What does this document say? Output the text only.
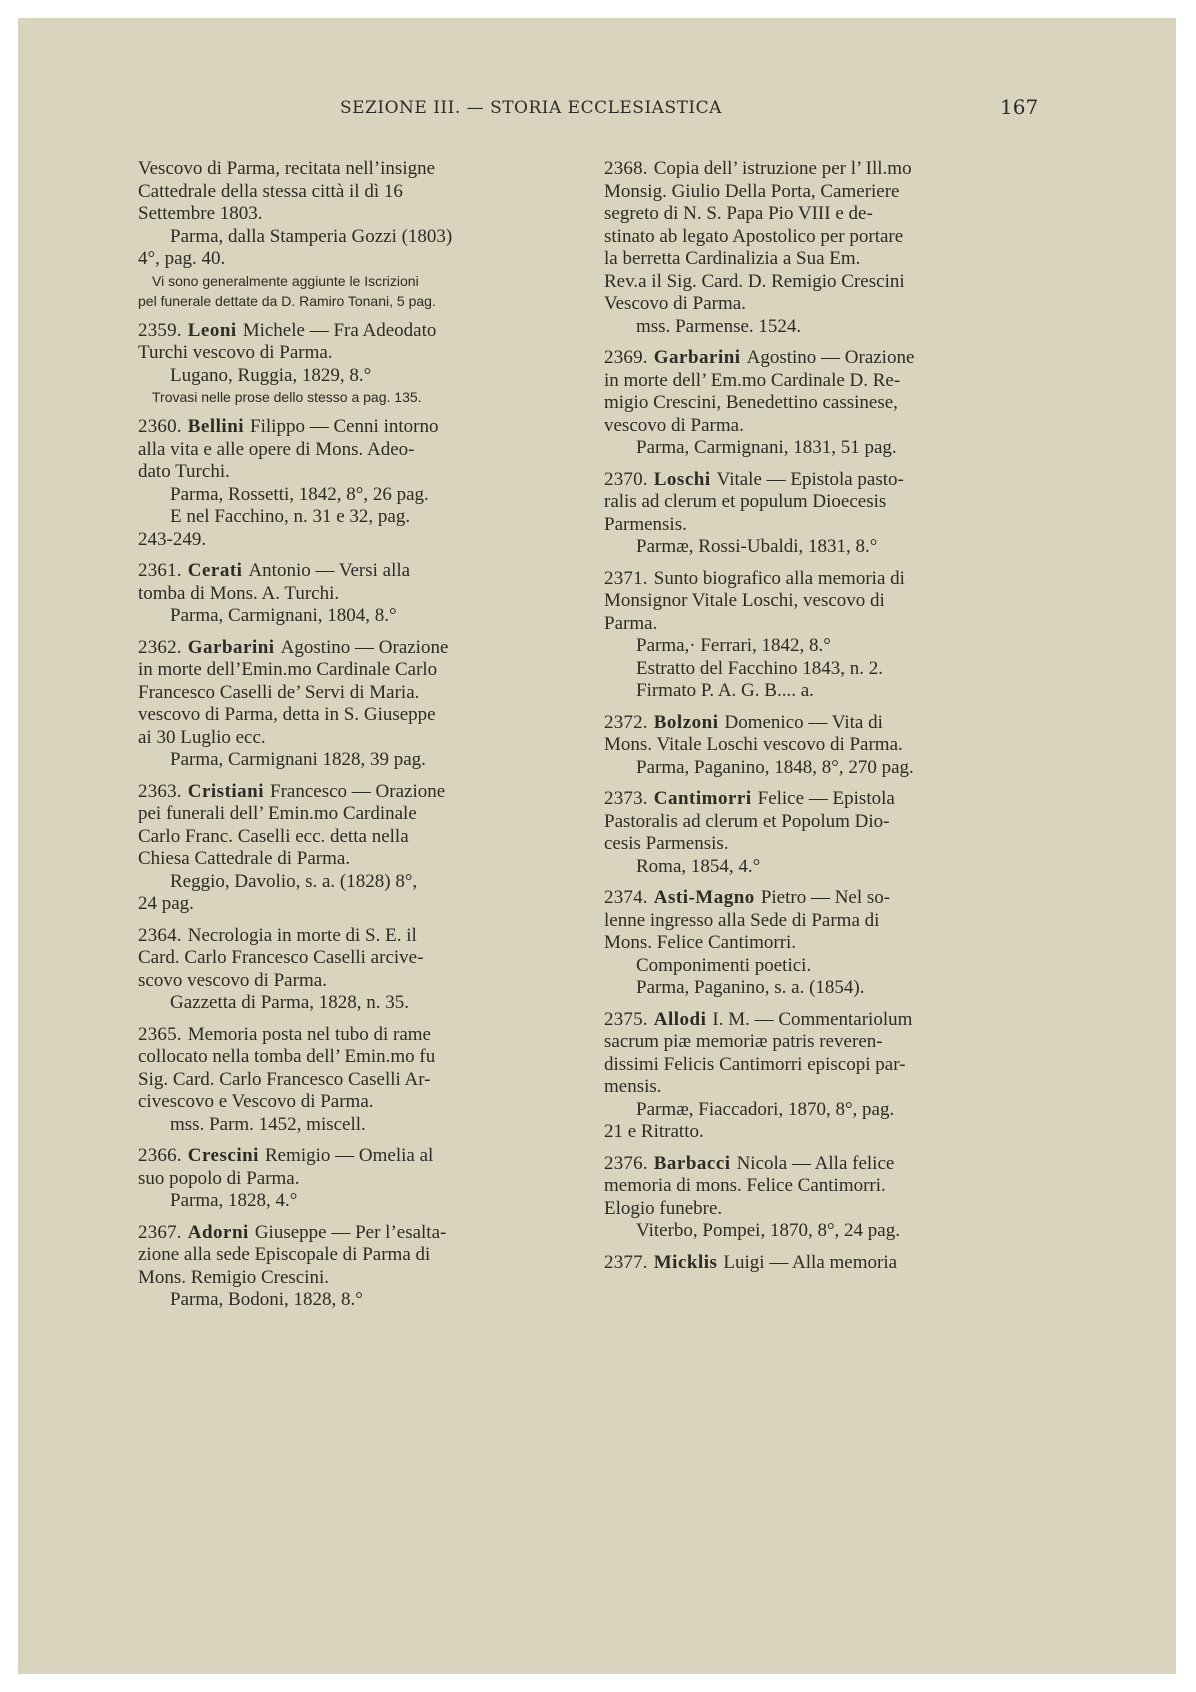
SEZIONE III. — STORIA ECCLESIASTICA	167
Vescovo di Parma, recitata nell’insigne
Cattedrale della stessa città il dì 16
Settembre 1803.
Parma, dalla Stamperia Gozzi (1803)
4°, pag. 40.
Vi sono generalmente aggiunte le Iscrizioni
pel funerale dettate da D. Ramiro Tonani, 5 pag.
2359. Leoni Michele — Fra Adeodato
Turchi vescovo di Parma.
Lugano, Ruggia, 1829, 8.°
Trovasi nelle prose dello stesso a pag. 135.
2360. Bellini Filippo — Cenni intorno
alla vita e alle opere di Mons. Adeo-
dato Turchi.
Parma, Rossetti, 1842, 8°, 26 pag.
E nel Facchino, n. 31 e 32, pag.
243-249.
2361. Cerati Antonio — Versi alla
tomba di Mons. A. Turchi.
Parma, Carmignani, 1804, 8.°
2362. Garbarini Agostino — Orazione
in morte dell’Emin.mo Cardinale Carlo
Francesco Caselli de’ Servi di Maria.
vescovo di Parma, detta in S. Giuseppe
ai 30 Luglio ecc.
Parma, Carmignani 1828, 39 pag.
2363. Cristiani Francesco — Orazione
pei funerali dell’ Emin.mo Cardinale
Carlo Franc. Caselli ecc. detta nella
Chiesa Cattedrale di Parma.
Reggio, Davolio, s. a. (1828) 8°,
24 pag.
2364. Necrologia in morte di S. E. il
Card. Carlo Francesco Caselli arcive-
scovo vescovo di Parma.
Gazzetta di Parma, 1828, n. 35.
2365. Memoria posta nel tubo di rame
collocato nella tomba dell’ Emin.mo fu
Sig. Card. Carlo Francesco Caselli Ar-
civescovo e Vescovo di Parma.
mss. Parm. 1452, miscell.
2366. Crescini Remigio — Omelia al
suo popolo di Parma.
Parma, 1828, 4.°
2367. Adorni Giuseppe — Per l’esalta-
zione alla sede Episcopale di Parma di
Mons. Remigio Crescini.
Parma, Bodoni, 1828, 8.°
2368. Copia dell’ istruzione per l’ Ill.mo
Monsig. Giulio Della Porta, Cameriere
segreto di N. S. Papa Pio VIII e de-
stinato ab legato Apostolico per portare
la berretta Cardinalizia a Sua Em.
Rev.a il Sig. Card. D. Remigio Crescini
Vescovo di Parma.
mss. Parmense. 1524.
2369. Garbarini Agostino — Orazione
in morte dell’ Em.mo Cardinale D. Re-
migio Crescini, Benedettino cassinese,
vescovo di Parma.
Parma, Carmignani, 1831, 51 pag.
2370. Loschi Vitale — Epistola pasto-
ralis ad clerum et populum Dioecesis
Parmensis.
Parmæ, Rossi-Ubaldi, 1831, 8.°
2371. Sunto biografico alla memoria di
Monsignor Vitale Loschi, vescovo di
Parma.
Parma,· Ferrari, 1842, 8.°
Estratto del Facchino 1843, n. 2.
Firmato P. A. G. B.... a.
2372. Bolzoni Domenico — Vita di
Mons. Vitale Loschi vescovo di Parma.
Parma, Paganino, 1848, 8°, 270 pag.
2373. Cantimorri Felice — Epistola
Pastoralis ad clerum et Popolum Dio-
cesis Parmensis.
Roma, 1854, 4.°
2374. Asti-Magno Pietro — Nel so-
lenne ingresso alla Sede di Parma di
Mons. Felice Cantimorri.
Componimenti poetici.
Parma, Paganino, s. a. (1854).
2375. Allodi I. M. — Commentariolum
sacrum piæ memoriæ patris reveren-
dissimi Felicis Cantimorri episcopi par-
mensis.
Parmæ, Fiaccadori, 1870, 8°, pag.
21 e Ritratto.
2376. Barbacci Nicola — Alla felice
memoria di mons. Felice Cantimorri.
Elogio funebre.
Viterbo, Pompei, 1870, 8°, 24 pag.
2377. Micklis Luigi — Alla memoria
